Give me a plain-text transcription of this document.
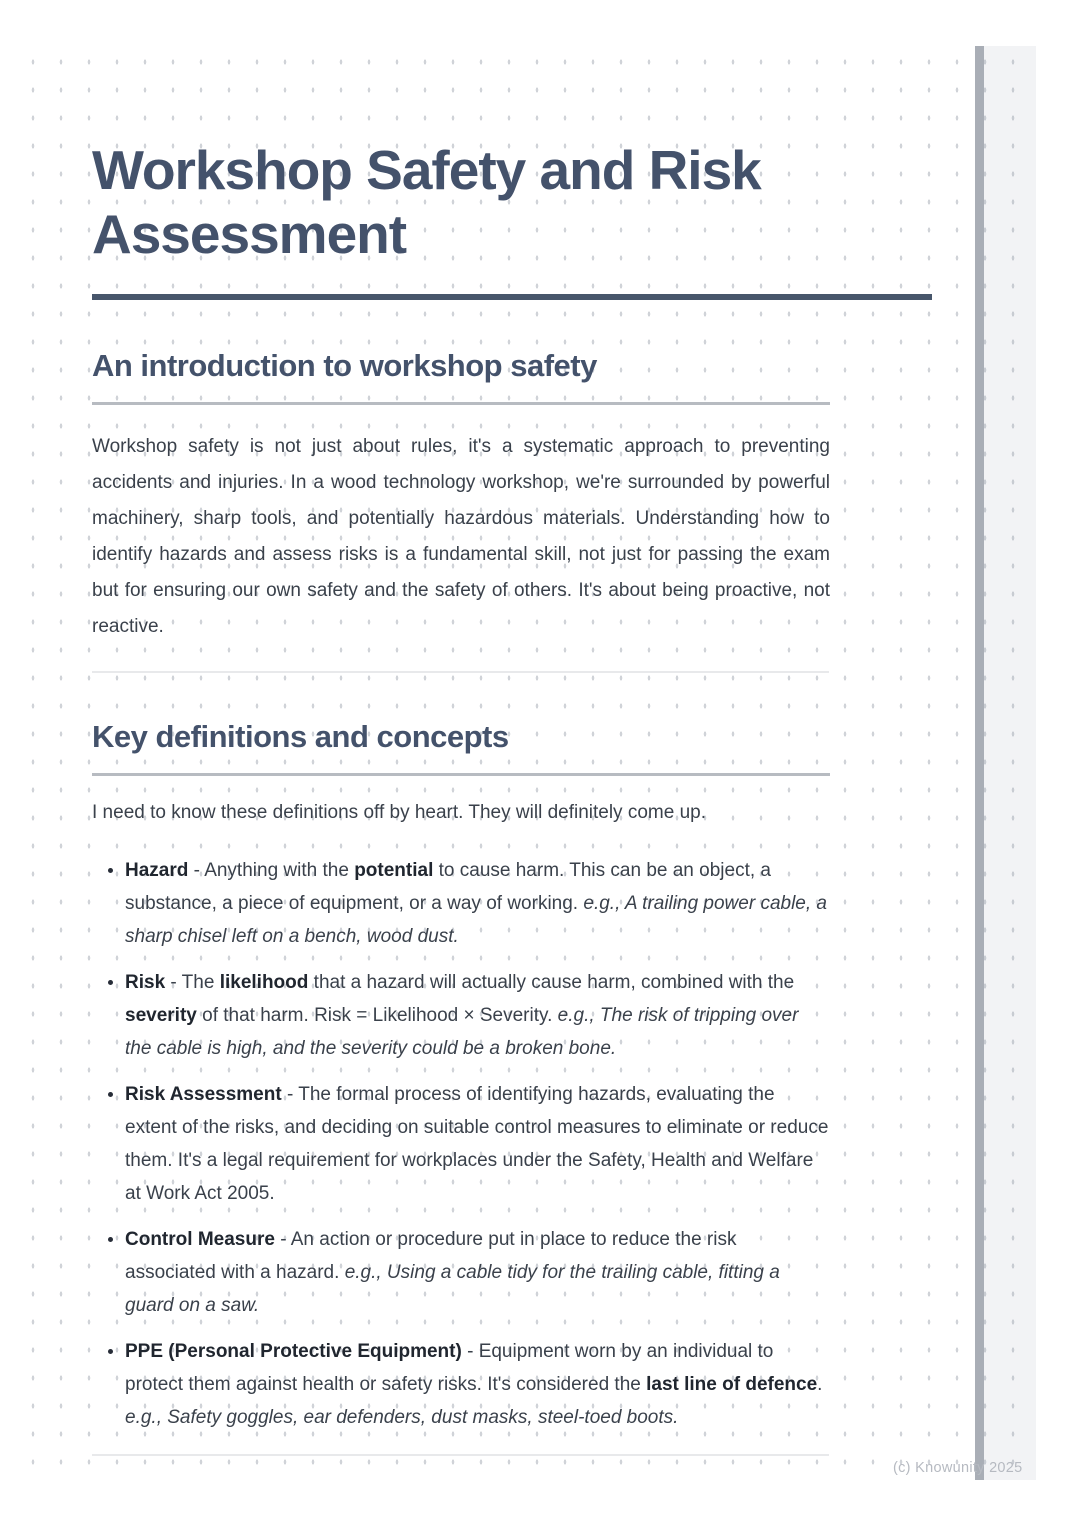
Workshop Safety and Risk Assessment
An introduction to workshop safety

Workshop safety is not just about rules, it's a systematic approach to preventing accidents and injuries. In a wood technology workshop, we're surrounded by powerful machinery, sharp tools, and potentially hazardous materials. Understanding how to identify hazards and assess risks is a fundamental skill, not just for passing the exam but for ensuring our own safety and the safety of others. It's about being proactive, not reactive.

Key definitions and concepts

I need to know these definitions off by heart. They will definitely come up.

• Hazard - Anything with the potential to cause harm. This can be an object, a substance, a piece of equipment, or a way of working. e.g., A trailing power cable, a sharp chisel left on a bench, wood dust.
• Risk - The likelihood that a hazard will actually cause harm, combined with the severity of that harm. Risk = Likelihood × Severity. e.g., The risk of tripping over the cable is high, and the severity could be a broken bone.
• Risk Assessment - The formal process of identifying hazards, evaluating the extent of the risks, and deciding on suitable control measures to eliminate or reduce them. It's a legal requirement for workplaces under the Safety, Health and Welfare at Work Act 2005.
• Control Measure - An action or procedure put in place to reduce the risk associated with a hazard. e.g., Using a cable tidy for the trailing cable, fitting a guard on a saw.
• PPE (Personal Protective Equipment) - Equipment worn by an individual to protect them against health or safety risks. It's considered the last line of defence. e.g., Safety goggles, ear defenders, dust masks, steel-toed boots.
(c) Knowunity 2025
